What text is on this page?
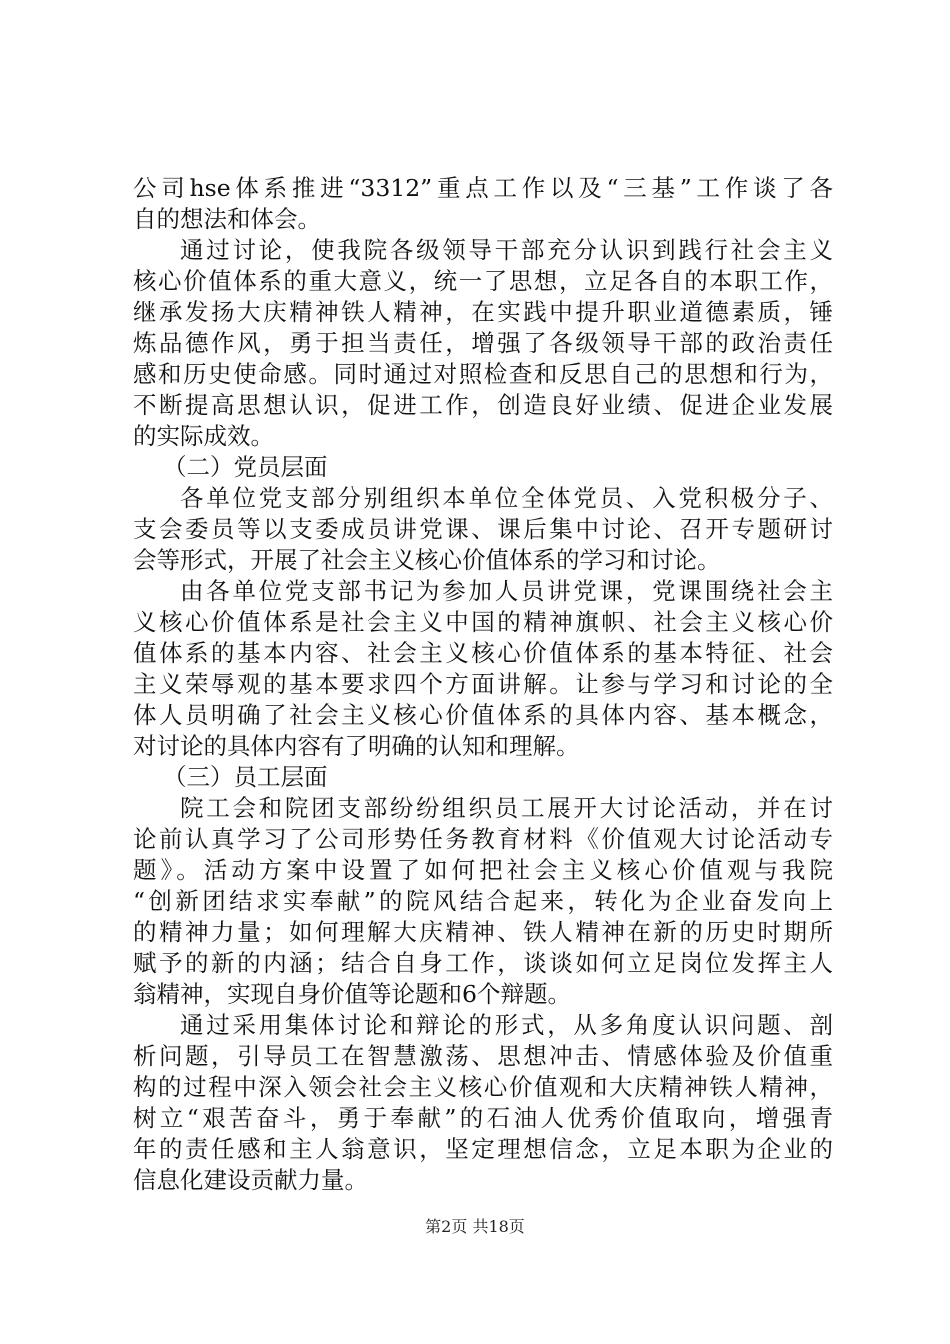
公司hse体系推进“3312”重点工作以及“三基”工作谈了各
自的想法和体会。
通过讨论，使我院各级领导干部充分认识到践行社会主义
核心价值体系的重大意义，统一了思想，立足各自的本职工作，
继承发扬大庆精神铁人精神，在实践中提升职业道德素质，锤
炼品德作风，勇于担当责任，增强了各级领导干部的政治责任
感和历史使命感。同时通过对照检查和反思自己的思想和行为，
不断提高思想认识，促进工作，创造良好业绩、促进企业发展
的实际成效。
（二）党员层面
各单位党支部分别组织本单位全体党员、入党积极分子、
支会委员等以支委成员讲党课、课后集中讨论、召开专题研讨
会等形式，开展了社会主义核心价值体系的学习和讨论。
由各单位党支部书记为参加人员讲党课，党课围绕社会主
义核心价值体系是社会主义中国的精神旗帜、社会主义核心价
值体系的基本内容、社会主义核心价值体系的基本特征、社会
主义荣辱观的基本要求四个方面讲解。让参与学习和讨论的全
体人员明确了社会主义核心价值体系的具体内容、基本概念，
对讨论的具体内容有了明确的认知和理解。
（三）员工层面
院工会和院团支部纷纷组织员工展开大讨论活动，并在讨
论前认真学习了公司形势任务教育材料《价值观大讨论活动专
题》。活动方案中设置了如何把社会主义核心价值观与我院
“创新团结求实奉献”的院风结合起来，转化为企业奋发向上
的精神力量；如何理解大庆精神、铁人精神在新的历史时期所
赋予的新的内涵；结合自身工作，谈谈如何立足岗位发挥主人
翁精神，实现自身价值等论题和6个辩题。
通过采用集体讨论和辩论的形式，从多角度认识问题、剖
析问题，引导员工在智慧激荡、思想冲击、情感体验及价值重
构的过程中深入领会社会主义核心价值观和大庆精神铁人精神，
树立“艰苦奋斗，勇于奉献”的石油人优秀价值取向，增强青
年的责任感和主人翁意识，坚定理想信念，立足本职为企业的
信息化建设贡献力量。
第2页 共18页
